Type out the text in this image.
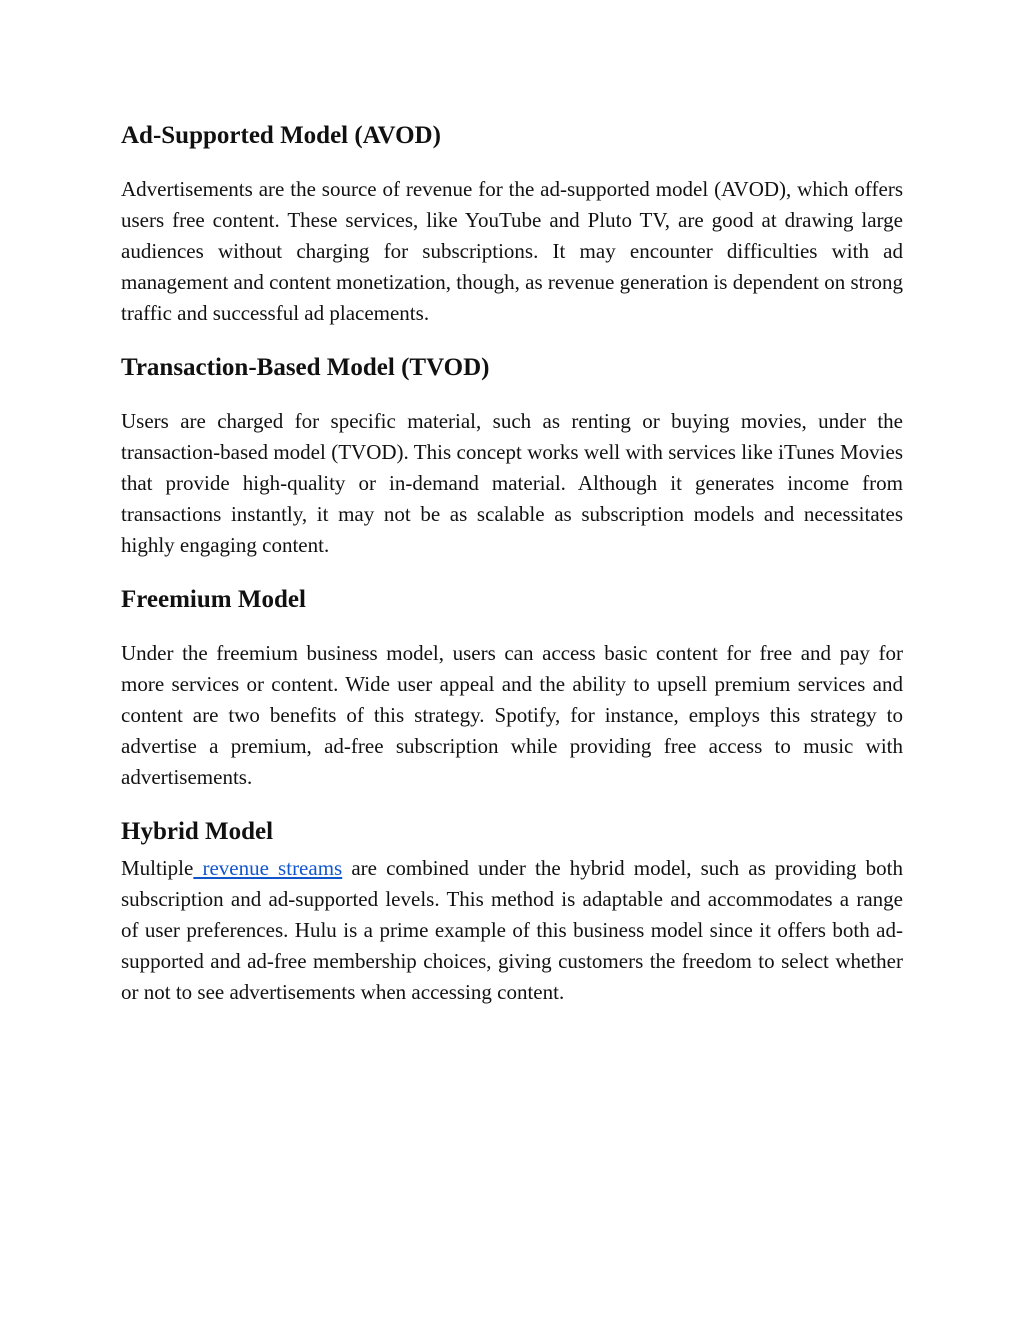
Ad-Supported Model (AVOD)

Advertisements are the source of revenue for the ad-supported model (AVOD), which offers users free content. These services, like YouTube and Pluto TV, are good at drawing large audiences without charging for subscriptions. It may encounter difficulties with ad management and content monetization, though, as revenue generation is dependent on strong traffic and successful ad placements.

Transaction-Based Model (TVOD)

Users are charged for specific material, such as renting or buying movies, under the transaction-based model (TVOD). This concept works well with services like iTunes Movies that provide high-quality or in-demand material. Although it generates income from transactions instantly, it may not be as scalable as subscription models and necessitates highly engaging content.

Freemium Model

Under the freemium business model, users can access basic content for free and pay for more services or content. Wide user appeal and the ability to upsell premium services and content are two benefits of this strategy. Spotify, for instance, employs this strategy to advertise a premium, ad-free subscription while providing free access to music with advertisements.

Hybrid Model

Multiple revenue streams are combined under the hybrid model, such as providing both subscription and ad-supported levels. This method is adaptable and accommodates a range of user preferences. Hulu is a prime example of this business model since it offers both ad-supported and ad-free membership choices, giving customers the freedom to select whether or not to see advertisements when accessing content.
